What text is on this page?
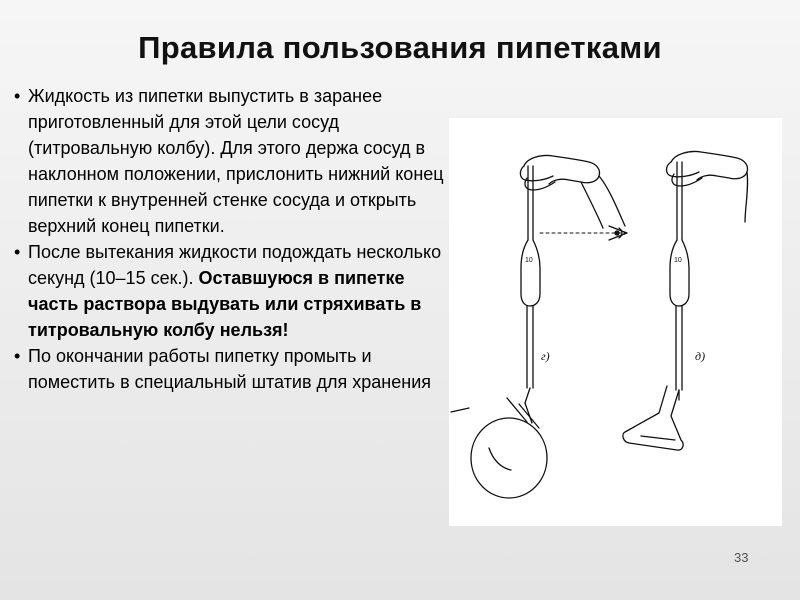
Правила пользования пипетками
• Жидкость из пипетки выпустить в заранее приготовленный для этой цели сосуд (титровальную колбу). Для этого держа сосуд в наклонном положении, прислонить нижний конец пипетки к внутренней стенке сосуда и открыть верхний конец пипетки.
• После вытекания жидкости подождать несколько секунд (10–15 сек.). Оставшуюся в пипетке часть раствора выдувать или стряхивать в титровальную колбу нельзя!
• По окончании работы пипетку промыть и поместить в специальный штатив для хранения
г)	д)
10	10
33
